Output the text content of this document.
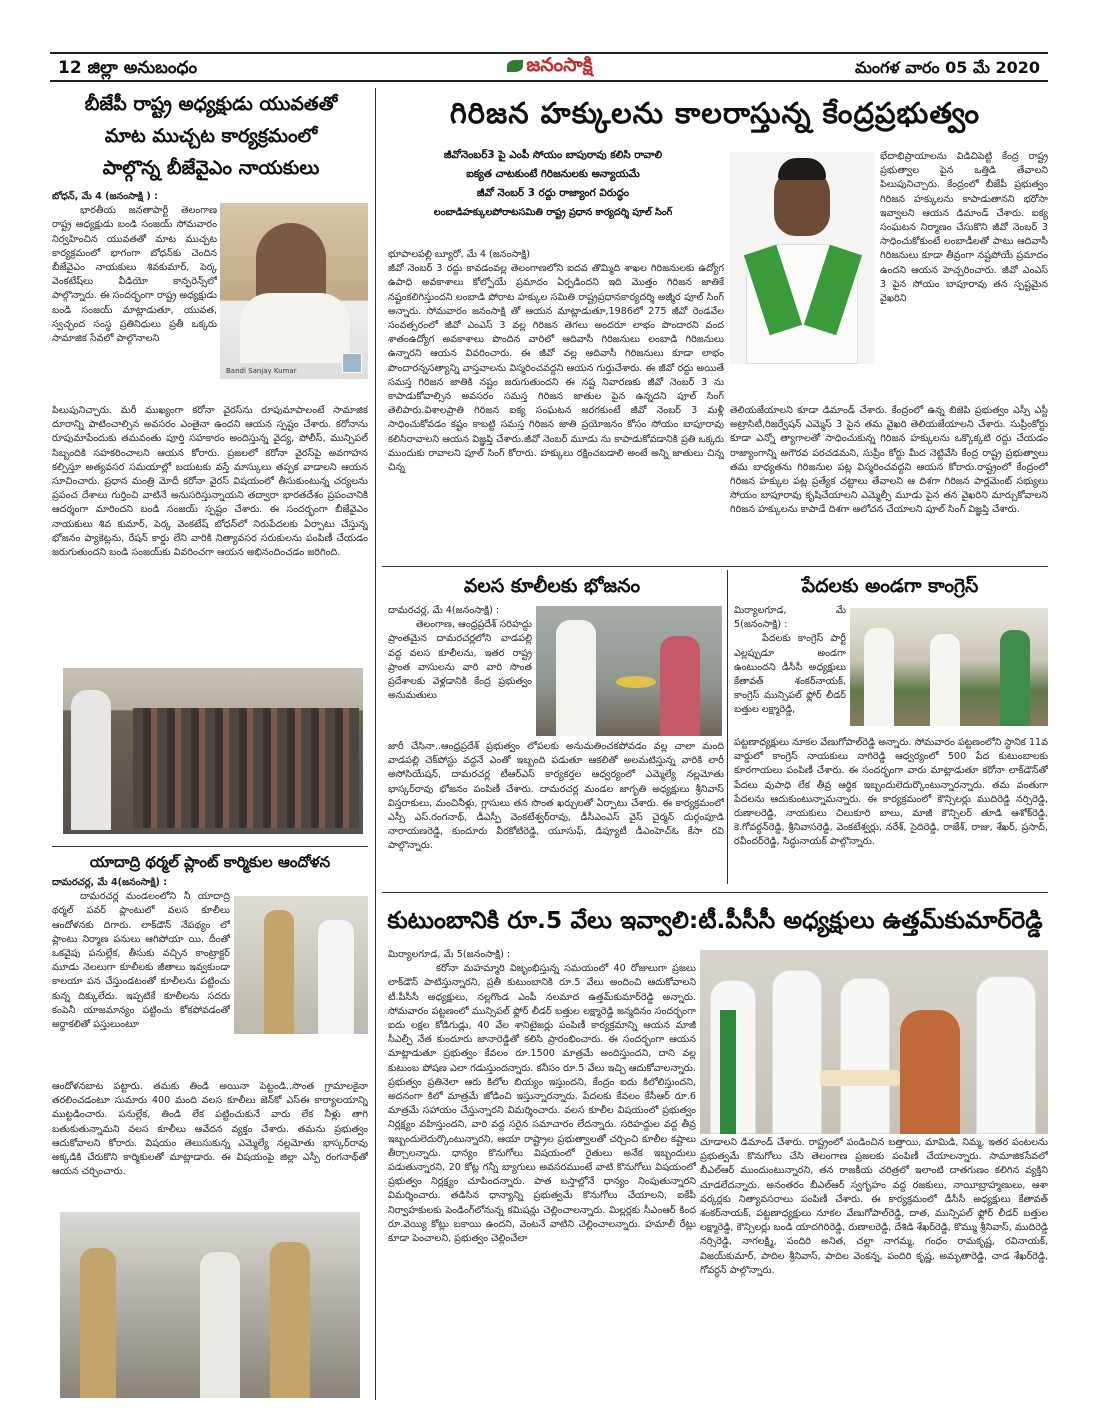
12 జిల్లా అనుబంధం	జనంసాక్షి	మంగళ వారం 05 మే 2020
బీజేపీ రాష్ట్ర అధ్యక్షుడు యువతతో
మాట ముచ్చట కార్యక్రమంలో
పాల్గొన్న బీజేవైఎం నాయకులు
బోధన్‌, మే 4 (జనంసాక్షి ) :

భారతీయ జనతాపార్టీ తెలంగాణ రాష్ట్ర అధ్యక్షుడు బండి సంజయ్‌ సోమవారం నిర్వహించిన యువతతో మాట ముచ్చట కార్యక్రమంలో భాగంగా బోధన్‌కు చెందిన బీజేవైఎం నాయకులు శివకుమార్‌, పెర్క వెంకటేష్‌లు వీడియో కాన్ఫరెన్స్‌లో పాల్గొన్నారు. ఈ సందర్భంగా రాష్ట్ర అధ్యక్షుడు బండి సంజయ్‌ మాట్లాడుతూ, యువత, స్వచ్ఛంద సంస్థ ప్రతినిధులు ప్రతీ ఒక్కరు సామాజిక సేవలో పాల్గొనాలని

Bandi Sanjay Kumar

పిలుపునిచ్చారు. మరీ ముఖ్యంగా కరోనా వైరస్‌ను రూపుమాపాలంటే సామాజిక దూరాన్ని పాటించాల్సిన అవసరం ఎంతైనా ఉందని ఆయన స్పష్టం చేశారు. కరోనాను రూపుమాపేందుకు తమవంతు పూర్తి సహకారం అందిస్తున్న వైద్య, పోలీస్‌, మున్సిపల్‌ సిబ్బందికి సహకరించాలని ఆయన కోరారు. ప్రజలలో కరోనా వైరస్‌పై అవగాహన కల్పిస్తూ అత్యవసర సమయాల్లో బయటకు వస్తే మాస్కులు తప్పక వాడాలని ఆయన సూచించారు. ప్రధాన మంత్రి మోదీ కరోనా వైరస్‌ విషయంలో తీసుకుంటున్న చర్యలను ప్రపంచ దేశాలు గుర్తించి వాటినే అనుసరిస్తున్నాయని తద్వారా భారతదేశం ప్రపంచానికి ఆదర్శంగా మారిందని బండి సంజయ్‌ స్పష్టం చేశారు. ఈ సందర్భంగా బీజేవైఎం నాయకులు శివ కుమార్‌, పెర్క వెంకటేష్‌ బోధన్‌లో నిరుపేదలకు ఏర్పాటు చేస్తున్న భోజనం ప్యాకెట్లను, రేషన్‌ కార్డు లేని వారికి నిత్యావసర సరుకులను పంపిణీ చేయడం జరుగుతుందని బండి సంజయ్‌కు వివరించగా ఆయన అభినందించడం జరిగింది.

యాదాద్రి థర్మల్‌ ప్లాంట్‌ కార్మికుల ఆందోళన
దామరచర్ల, మే 4(జనంసాక్షి) :

దామరచర్ల మండలంలోని నీ యాదాద్రి థర్మల్‌ పవర్‌ ప్లాంటులో వలస కూలీలు ఆందోళనకు దిగారు. లాక్‌డౌన్‌ నేపథ్యం లో ప్లాంటు నిర్మాణ పనులు ఆగిపోయా యి. దీంతో ఒకవైపు పనుల్లేక, తీసుకు వచ్చిన కాంట్రాక్టర్‌ మూడు నెలలుగా కూలీలకు జీతాలు ఇవ్వకుండా కాలయా పన చేస్తుండటంతో కూలీలను పట్టించు కున్న దిక్కులేదు. ఇప్పటికే కూలీలను సదరు కంపెనీ యాజమాన్యం పట్టించు కోకపోవడంతో అర్థాకలితో పస్తులుంటూ

ఆందోళనబాట పట్టారు. తమకు తిండి అయినా పెట్టండి..సొంత గ్రామాలకైనా తరలించడంటూ సుమారు 400 మంది వలస కూలీలు జెన్‌కో ఎస్‌ఈ కార్యాలయాన్ని ముట్టడించారు. పనుల్లేక, తిండి లేక పట్టించుకునే వారు లేక నీళ్లు తాగి బతుకుతున్నామని వలస కూలీలు ఆవేదన వ్యక్తం చేశారు. తమను ప్రభుత్వం ఆదుకోవాలని కోరారు. విషయం తెలుసుకున్న ఎమ్మెల్యే నల్లమోతు భాస్కర్‌రావు అక్కడికి చేరుకొని కార్మికులతో మాట్లాడారు. ఈ విషయంపై జిల్లా ఎస్పీ రంగనాథ్‌తో ఆయన చర్చించారు.

గిరిజన హక్కులను కాలరాస్తున్న కేంద్రప్రభుత్వం
జీవోనెంబర్‌3 పై ఎంపీ సోయం బాపురావు కలిసి రావాలి
ఐక్యత చాటకుంటే గిరిజనులకు అన్యాయమే
జీవో నెంబర్‌ 3 రద్దు రాజ్యాంగ విరుద్ధం
లంబాడిహక్కులపోరాటసమితి రాష్ట్ర ప్రధాన కార్యదర్శి పూల్‌ సింగ్‌
భూపాలపల్లి బ్యూరో, మే 4 (జనంసాక్షి)

జీవో నెంబర్‌ 3 రద్దు కావడంవల్ల తెలంగాణలోని ఐదవ తొమ్మిది శాఖల గిరిజనులకు ఉద్యోగ ఉపాధి అవకాశాలు కోల్పోయే ప్రమాదం ఏర్పడిందని ఇది మొత్తం గిరిజన జాతికే నష్టంకలిగిస్తుందని లంబాడి పోరాట హక్కుల సమితి రాష్ట్రప్రధానకార్యదర్శి అజ్మీర పూల్‌ సింగ్‌ అన్నారు. సోమవారం జనంసాక్షి తో ఆయన మాట్లాడుతూ,1986లో 275 జీవో రెండవేల సంవత్సరంలో జీవో ఎంఎస్‌ 3 వల్ల గిరిజన తెగలు అందరూ లాభం పొందారని వంద శాతంఉద్యోగ అవకాశాలు పొందిన వారిలో ఆదివాసీ గిరిజనులు లంబాడి గిరిజనులు ఉన్నారని ఆయన వివరించారు. ఈ జీవో వల్ల ఆదివాసీ గిరిజనులు కూడా లాభం పొందారన్నసత్యాన్ని వాస్తవాలను విస్మరించవద్దని ఆయన గుర్తుచేశారు. ఈ జీవో రద్దు అయితే సమస్త గిరిజన జాతికి నష్టం జరుగుతుందని ఈ నష్ట నివారణకు జీవో నెంబర్‌ 3 ను కాపాడుకోవాల్సిన అవసరం సమస్త గిరిజన జాతుల పైన ఉన్నదని పూల్‌ సింగ్‌ తెలిపారు.విశాలప్రాతి గిరిజన ఐక్య సంఘటన జరగకుంటే జీవో నెంబర్‌ 3 మళ్లీ సాధించుకోవడం కష్టం కాబట్టి సమస్త గిరిజన జాతి ప్రయోజనం కోసం సోయం బాపూరావు కలిసిరావాలని ఆయన విజ్ఞప్తి చేశారు.జీవో నెంబర్‌ మూడు ను కాపాడుకోవడానికి ప్రతి ఒక్కరు ముందుకు రావాలని పూల్‌ సింగ్‌ కోరారు. హక్కులు రక్షించబడాలి అంటే అన్ని జాతులు చిన్న చిన్న

భేదాభిప్రాయాలను విడిచిపెట్టి కేంద్ర రాష్ట్ర ప్రభుత్వాల పైన ఒత్తిడి తేవాలని పిలుపునిచ్చారు. కేంద్రంలో బీజేపీ ప్రభుత్వం గిరిజన హక్కులను కాపాడుతానని భరోసా ఇవ్వాలని ఆయన డిమాండ్‌ చేశారు. ఐక్య సంఘటన నిర్మాణం చేసుకొని జీవో నెంబర్‌ 3 సాధించుకోకుంటే లంబాడీలతో పాటు ఆదివాసీ గిరిజనులు కూడా తీవ్రంగా నష్టపోయే ప్రమాదం ఉందని ఆయన హెచ్చరించారు. జీవో ఎంఎస్‌ 3 పైన సోయం బాపూరావు తన స్పష్టమైన వైఖరిని

తెలియజేయాలని కూడా డిమాండ్‌ చేశారు. కేంద్రంలో ఉన్న బిజెపి ప్రభుత్వం ఎస్సీ ఎస్టీ అట్రాసిటీ,రిజర్వేషన్‌ ఎమ్మెస్‌ 3 పైన తమ వైఖరి తెలియజేయాలని చేశారు. సుప్రీంకోర్టు కూడా ఎన్నో త్యాగాలతో సాధించుకున్న గిరిజన హక్కులను ఒక్కొక్కటి రద్దు చేయడం రాజ్యాంగాన్ని అగౌరవ పరచడమని, సుప్రీం కోర్టు మీద నెట్టివేసి కేంద్ర రాష్ట్ర ప్రభుత్వాలు తమ బాధ్యతను గిరిజనుల పట్ల విస్మరించవద్దని ఆయన కోరారు.రాష్ట్రంలో కేంద్రంలో గిరిజన హక్కుల పట్ల ప్రత్యేక చట్టాలు తేవాలని ఆ దిశగా గిరిజన పార్లమెంట్‌ సభ్యులు సోయం బాపూరావు కృషిచేయాలని ఎమ్మెల్సీ మూడు పైన తన వైఖరిని మార్చుకోవాలని గిరిజన హక్కులను కాపాడే దిశగా ఆలోచన చేయాలని పూల్‌ సింగ్‌ విజ్ఞప్తి చేశారు.

వలస కూలీలకు భోజనం
దామరచర్ల, మే 4(జనంసాక్షి) :

తెలంగాణ, ఆంధ్రప్రదేశ్‌ సరిహద్దు ప్రాంతమైన దామరచర్లలోని వాడపల్లి వద్ద వలస కూలీలను, ఇతర రాష్ట్ర ప్రాంత వాసులను వారి వారి సొంత ప్రదేశాలకు వెళ్లడానికి కేంద్ర ప్రభుత్వం అనుమతులు

జారీ చేసినా..ఆంధ్రప్రదేశ్‌ ప్రభుత్వం లోపలకు అనుమతించకపోవడం వల్ల చాలా మంది వాడపల్లి చెక్‌పోస్టు వద్దనే ఎంతో ఇబ్బంది పడుతూ ఆకలితో అలమటిస్తున్న వారికి లారీ అసోసియేషన్‌, దామరచర్ల టీఆర్‌ఎస్‌ కార్యకర్తల ఆధ్వర్యంలో ఎమ్మెల్యే నల్లమోతు భాస్కర్‌రావు భోజనం పంపిణీ చేశారు. దామరచర్ల మండల జాగృతి అధ్యక్షులు శ్రీనివాస్‌ విస్తరాకులు, మంచినీళ్లు, గ్లాసులు తన సొంత ఖర్చులతో ఏర్పాటు చేశారు. ఈ కార్యక్రమంలో ఎస్సీ ఎస్‌.రంగనాథ్‌, డీఎస్పీ వెంకటేశ్వర్‌రావు, డీసీఎంఎస్‌ వైస్‌ చైర్మన్‌ దుర్గంపూడి నారాయణరెడ్డి, కుందూరు వీరకోటిరెడ్డి, యూసుఫ్‌, డిప్యూటీ డీఎంహెచ్‌ఓ కేసా రవి పాల్గొన్నారు.

పేదలకు అండగా కాంగ్రెస్‌
మిర్యాలగూడ, మే 5(జనంసాక్షి) :

పేదలకు కాంగ్రెస్‌ పార్టీ ఎల్లప్పుడూ అండగా ఉంటుందని డీసీసీ అధ్యక్షులు కేతావత్‌ శంకర్‌నాయక్‌, కాంగ్రెస్‌ మున్సిపల్‌ ఫ్లోర్‌ లీడర్‌ బత్తుల లక్ష్మారెడ్డి,

పట్టణాధ్యక్షులు నూకల వేణుగోపాల్‌రెడ్డి అన్నారు. సోమవారం పట్టణంలోని స్థానిక 11వ వార్డులో కాంగ్రెస్‌ నాయకులు నాగిరెడ్డి ఆధ్వర్యంలో 500 పేద కుటుంబాలకు కూరగాయలు పంపిణీ చేశారు. ఈ సందర్భంగా వారు మాట్లాడుతూ కరోనా లాక్‌డౌన్‌తో పేదలు వుపాధి లేక తీవ్ర ఆర్థిక ఇబ్బందులెదుర్కొంటున్నారన్నారు. తమ వంతుగా పేదలను ఆదుకుంటున్నామన్నారు. ఈ కార్యక్రమంలో కౌన్సిలర్లు ముదిరెడ్డి నర్సిరెడ్డి, రుణాలరెడ్డి, నాయకులు చిలుకూరి బాలు, మాజీ కౌన్సిలర్‌ తూడి ఆశోక్‌రెడ్డి, కె.గోవర్ధన్‌రెడ్డి, శ్రీనివాసరెడ్డి, వెంకటేశ్వర్లు, నరేశ్‌, సైదిరెడ్డి, రాజేశ్‌, రాజు, శేఖర్‌, ప్రసాద్‌, రవీందర్‌రెడ్డి, సిద్ధునాయక్‌ పాల్గొన్నారు.

కుటుంబానికి రూ.5 వేలు ఇవ్వాలి:టీ.పీసీసీ అధ్యక్షులు ఉత్తమ్‌కుమార్‌రెడ్డి
మిర్యాలగూడ, మే 5(జనంసాక్షి) :

కరోనా మహమ్మారి విజృంభిస్తున్న సమయంలో 40 రోజులుగా ప్రజలు లాక్‌డౌన్‌ పాటిస్తున్నారని, ప్రతీ కుటుంబానికి రూ.5 వేలు అందించి ఆదుకోవాలని టీ.పీసీసీ అధ్యక్షులు, నల్లగొండ ఎంపీ నలమాద ఉత్తమ్‌కుమార్‌రెడ్డి అన్నారు. సోమవారం పట్టణంలో మున్సిపల్‌ ఫ్లోర్‌ లీడర్‌ బత్తుల లక్ష్మారెడ్డి జన్మదినం సందర్భంగా ఐదు లక్షల కోడిగుడ్లు, 40 వేల శానిటైజర్లు పంపిణీ కార్యక్రమాన్ని ఆయన మాజీ సీఎల్పీ నేత కుందూరు జానారెడ్డితో కలిసి ప్రారంభించారు. ఈ సందర్భంగా ఆయన మాట్లాడుతూ ప్రభుత్వం కేవలం రూ.1500 మాత్రమే అందిస్తుందని, దాని వల్ల కుటుంబ పోషణ ఎలా గడుస్తుందన్నారు. కనీసం రూ.5 వేలు ఇచ్చి ఆదుకోవాలన్నారు. ప్రభుత్వం ప్రతినెలా ఆరు కిలోల బియ్యం ఇస్తుందని, కేంద్రం ఐదు కిలోలిస్తుందని, అదనంగా కిలో మాత్రమే జోడించి ఇస్తున్నారన్నారు. పేదలకు కేవలం కేసీఆర్‌ రూ.6 మాత్రమే సహాయం చేస్తున్నారని విమర్శించారు. వలస కూలీల విషయంలో ప్రభుత్వం నిర్లక్ష్యం వహిస్తుందని, వారి వద్ద సరైన సమాచారం లేదన్నారు. సరిహద్దుల వద్ద తీవ్ర ఇబ్బందులెదుర్కొంటున్నారని, ఆయా రాష్ట్రాల ప్రభుత్వాలతో చర్చించి కూలీల కష్టాలు తీర్చాలన్నారు. ధాన్యం కొనుగోలు విషయంలో రైతులు అనేక ఇబ్బందులు పడుతున్నారని, 20 కోట్ల గన్నీ బ్యాగులు అవసరముంటే వాటి కొనుగోలు విషయంలో ప్రభుత్వం నిర్లక్ష్యం చూపిందన్నారు. పాత బస్తాల్లోనే ధాన్యం నింపుతున్నారని విమర్శించారు. తడిసిన ధాన్యాన్ని ప్రభుత్వమే కొనుగోలు చేయాలని, ఐకేపీ నిర్వాహకులకు పెండింగ్‌లోనున్న కమిషన్లు చెల్లించాలన్నారు. మిల్లర్లకు సీఎంఆర్‌ కింద రూ.వెయ్యి కోట్లు బకాయి ఉందని, వెంటనే వాటిని చెల్లించాలన్నారు. హమాలీ రేట్లు కూడా పెంచాలని, ప్రభుత్వం చెల్లించేలా

చూడాలని డిమాండ్‌ చేశారు. రాష్ట్రంలో పండించిన బత్తాయి, మామిడి, నిమ్మ, ఇతర పంటలను ప్రభుత్వమే కొనుగోలు చేసి తెలంగాణ ప్రజలకు పంపిణీ చేయాలన్నారు. సామాజికసేవలో బీఎల్‌ఆర్‌ ముందుంటున్నారని, తన రాజకీయ చరిత్రలో ఇలాంటి దాతగుణం కలిగిన వ్యక్తిని చూడలేదన్నారు. అనంతరం బీఎల్‌ఆర్‌ స్వగృహం వద్ద రజకులు, నాయీబ్రాహ్మణులు, ఆశా వర్కర్లకు నిత్యావసరాలు పంపిణీ చేశారు. ఈ కార్యక్రమంలో డీసీసీ అధ్యక్షులు కేతావత్‌ శంకర్‌నాయక్‌, పట్టణాధ్యక్షులు నూకల వేణుగోపాల్‌రెడ్డి, దాత, మున్సిపల్‌ ఫ్లోర్‌ లీడర్‌ బత్తుల లక్ష్మారెడ్డి, కౌన్సిలర్లు బండి యాదగిరిరెడ్డి, రుణాలరెడ్డి, దేశిడి శేఖర్‌రెడ్డి, కొమ్ము శ్రీనివాస్‌, ముదిరెడ్డి నర్సిరెడ్డి, నాగలక్ష్మి, పందిరి అనిత, చల్లా నాగమ్మ, గంధం రామకృష్ణ, రవినాయక్‌, విజయ్‌కుమార్‌, పాదిల శ్రీనివాస్‌, పాదిల వెంకన్న, పందిరి కృష్ణ, అమృతారెడ్డి, చాడ శేఖర్‌రెడ్డి, గోవర్ధన్‌ పాల్గొన్నారు.
